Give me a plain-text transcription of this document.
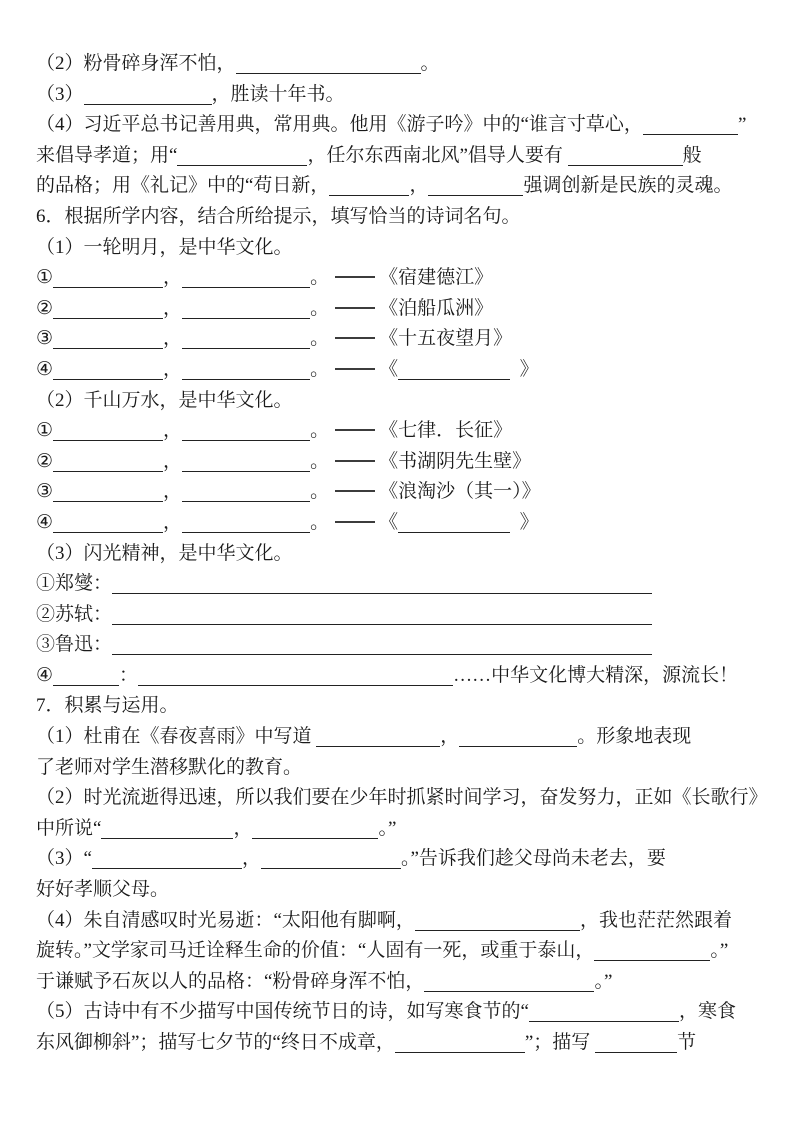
（2）粉骨碎身浑不怕，	。
（3）	，胜读十年书。
（4）习近平总书记善用典，常用典。他用《游子吟》中的“谁言寸草心，	”
来倡导孝道；用“	，任尔东西南北风”倡导人要有	般
的品格；用《礼记》中的“苟日新，	，	强调创新是民族的灵魂。
6．根据所学内容，结合所给提示，填写恰当的诗词名句。
（1）一轮明月，是中华文化。
①	，	。	《宿建德江》
②	，	。	《泊船瓜洲》
③	，	。	《十五夜望月》
④	，	。	《	》
（2）千山万水，是中华文化。
①	，	。	《七律．长征》
②	，	。	《书湖阴先生壁》
③	，	。	《浪淘沙（其一）》
④	，	。	《	》
（3）闪光精神，是中华文化。
①郑燮：
②苏轼：
③鲁迅：
④	：	……中华文化博大精深，源流长！
7．积累与运用。
（1）杜甫在《春夜喜雨》中写道	，	。形象地表现
了老师对学生潜移默化的教育。
（2）时光流逝得迅速，所以我们要在少年时抓紧时间学习，奋发努力，正如《长歌行》
中所说“	，	。”
（3）“	，	。”告诉我们趁父母尚未老去，要
好好孝顺父母。
（4）朱自清感叹时光易逝：“太阳他有脚啊，	，我也茫茫然跟着
旋转。”文学家司马迁诠释生命的价值：“人固有一死，或重于泰山，	。”
于谦赋予石灰以人的品格：“粉骨碎身浑不怕，	。”
（5）古诗中有不少描写中国传统节日的诗，如写寒食节的“	，寒食
东风御柳斜”；描写七夕节的“终日不成章，	”；描写	节
